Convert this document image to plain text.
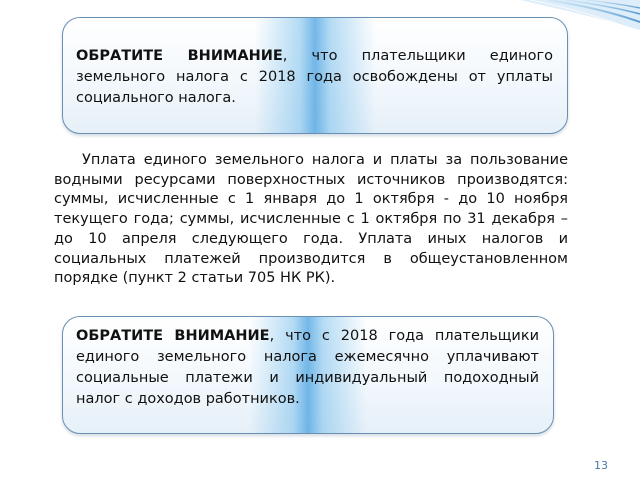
ОБРАТИТЕ ВНИМАНИЕ, что плательщики единого земельного налога с 2018 года освобождены от уплаты социального налога.
Уплата единого земельного налога и платы за пользование водными ресурсами поверхностных источников производятся: суммы, исчисленные с 1 января до 1 октября - до 10 ноября текущего года; суммы, исчисленные с 1 октября по 31 декабря – до 10 апреля следующего года. Уплата иных налогов и социальных платежей производится в общеустановленном порядке (пункт 2 статьи 705 НК РК).
ОБРАТИТЕ ВНИМАНИЕ, что с 2018 года плательщики единого земельного налога ежемесячно уплачивают социальные платежи и индивидуальный подоходный налог с доходов работников.
13
